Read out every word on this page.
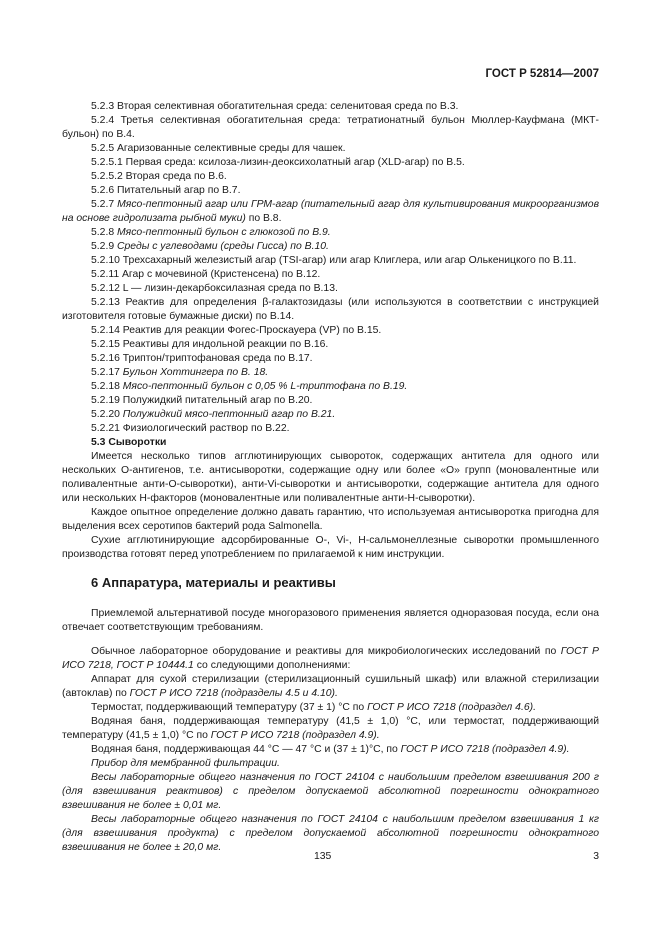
ГОСТ Р 52814—2007
5.2.3 Вторая селективная обогатительная среда: селенитовая среда по В.3.
5.2.4 Третья селективная обогатительная среда: тетратионатный бульон Мюллер-Кауфмана (МКТ-бульон) по В.4.
5.2.5 Агаризованные селективные среды для чашек.
5.2.5.1 Первая среда: ксилоза-лизин-деоксихолатный агар (XLD-агар) по В.5.
5.2.5.2 Вторая среда по В.6.
5.2.6 Питательный агар по В.7.
5.2.7 Мясо-пептонный агар или ГРМ-агар (питательный агар для культивирования микроорганизмов на основе гидролизата рыбной муки) по В.8.
5.2.8 Мясо-пептонный бульон с глюкозой по В.9.
5.2.9 Среды с углеводами (среды Гисса) по В.10.
5.2.10 Трехсахарный железистый агар (TSI-агар) или агар Клиглера, или агар Олькеницкого по В.11.
5.2.11 Агар с мочевиной (Кристенсена) по В.12.
5.2.12 L — лизин-декарбоксилазная среда по В.13.
5.2.13 Реактив для определения β-галактозидазы (или используются в соответствии с инструкцией изготовителя готовые бумажные диски) по В.14.
5.2.14 Реактив для реакции Фогес-Проскауера (VP) по В.15.
5.2.15 Реактивы для индольной реакции по В.16.
5.2.16 Триптон/триптофановая среда по В.17.
5.2.17 Бульон Хоттингера по В. 18.
5.2.18 Мясо-пептонный бульон с 0,05 % L-триптофана по В.19.
5.2.19 Полужидкий питательный агар по В.20.
5.2.20 Полужидкий мясо-пептонный агар по В.21.
5.2.21 Физиологический раствор по В.22.
5.3 Сыворотки
Имеется несколько типов агглютинирующих сывороток, содержащих антитела для одного или нескольких О-антигенов, т.е. антисыворотки, содержащие одну или более «О» групп (моновалентные или поливалентные анти-О-сыворотки), анти-Vi-сыворотки и антисыворотки, содержащие антитела для одного или нескольких Н-факторов (моновалентные или поливалентные анти-Н-сыворотки).
Каждое опытное определение должно давать гарантию, что используемая антисыворотка пригодна для выделения всех серотипов бактерий рода Salmonella.
Сухие агглютинирующие адсорбированные О-, Vi-, Н-сальмонеллезные сыворотки промышленного производства готовят перед употреблением по прилагаемой к ним инструкции.
6 Аппаратура, материалы и реактивы
Приемлемой альтернативой посуде многоразового применения является одноразовая посуда, если она отвечает соответствующим требованиям.
Обычное лабораторное оборудование и реактивы для микробиологических исследований по ГОСТ Р ИСО 7218, ГОСТ Р 10444.1 со следующими дополнениями:
Аппарат для сухой стерилизации (стерилизационный сушильный шкаф) или влажной стерилизации (автоклав) по ГОСТ Р ИСО 7218 (подразделы 4.5 и 4.10).
Термостат, поддерживающий температуру (37 ± 1) °С по ГОСТ Р ИСО 7218 (подраздел 4.6).
Водяная баня, поддерживающая температуру (41,5 ± 1,0) °С, или термостат, поддерживающий температуру (41,5 ± 1,0) °С по ГОСТ Р ИСО 7218 (подраздел 4.9).
Водяная баня, поддерживающая 44 °С — 47 °С и (37 ± 1)°С, по ГОСТ Р ИСО 7218 (подраздел 4.9).
Прибор для мембранной фильтрации.
Весы лабораторные общего назначения по ГОСТ 24104 с наибольшим пределом взвешивания 200 г (для взвешивания реактивов) с пределом допускаемой абсолютной погрешности однократного взвешивания не более ± 0,01 мг.
Весы лабораторные общего назначения по ГОСТ 24104 с наибольшим пределом взвешивания 1 кг (для взвешивания продукта) с пределом допускаемой абсолютной погрешности однократного взвешивания не более ± 20,0 мг.
135	3
